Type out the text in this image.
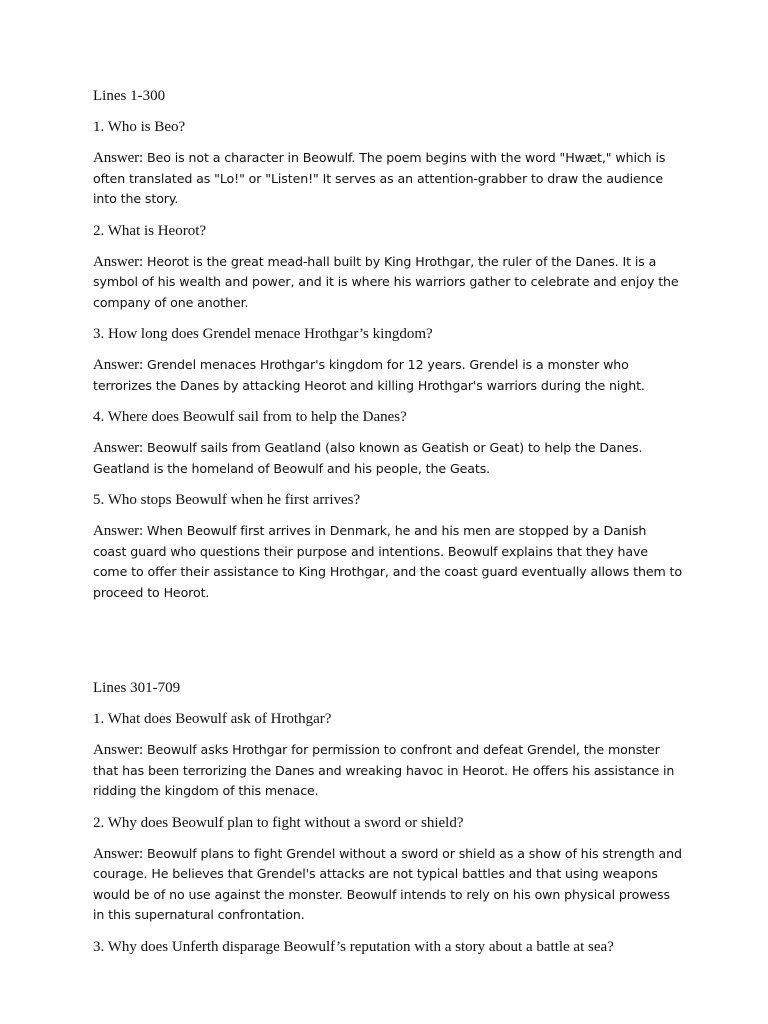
Lines 1-300

1. Who is Beo?

Answer: Beo is not a character in Beowulf. The poem begins with the word "Hwæt," which is often translated as "Lo!" or "Listen!" It serves as an attention-grabber to draw the audience into the story.

2. What is Heorot?

Answer: Heorot is the great mead-hall built by King Hrothgar, the ruler of the Danes. It is a symbol of his wealth and power, and it is where his warriors gather to celebrate and enjoy the company of one another.

3. How long does Grendel menace Hrothgar’s kingdom?

Answer: Grendel menaces Hrothgar's kingdom for 12 years. Grendel is a monster who terrorizes the Danes by attacking Heorot and killing Hrothgar's warriors during the night.

4. Where does Beowulf sail from to help the Danes?

Answer: Beowulf sails from Geatland (also known as Geatish or Geat) to help the Danes. Geatland is the homeland of Beowulf and his people, the Geats.

5. Who stops Beowulf when he first arrives?

Answer: When Beowulf first arrives in Denmark, he and his men are stopped by a Danish coast guard who questions their purpose and intentions. Beowulf explains that they have come to offer their assistance to King Hrothgar, and the coast guard eventually allows them to proceed to Heorot.

Lines 301-709

1. What does Beowulf ask of Hrothgar?

Answer: Beowulf asks Hrothgar for permission to confront and defeat Grendel, the monster that has been terrorizing the Danes and wreaking havoc in Heorot. He offers his assistance in ridding the kingdom of this menace.

2. Why does Beowulf plan to fight without a sword or shield?

Answer: Beowulf plans to fight Grendel without a sword or shield as a show of his strength and courage. He believes that Grendel's attacks are not typical battles and that using weapons would be of no use against the monster. Beowulf intends to rely on his own physical prowess in this supernatural confrontation.

3. Why does Unferth disparage Beowulf’s reputation with a story about a battle at sea?
